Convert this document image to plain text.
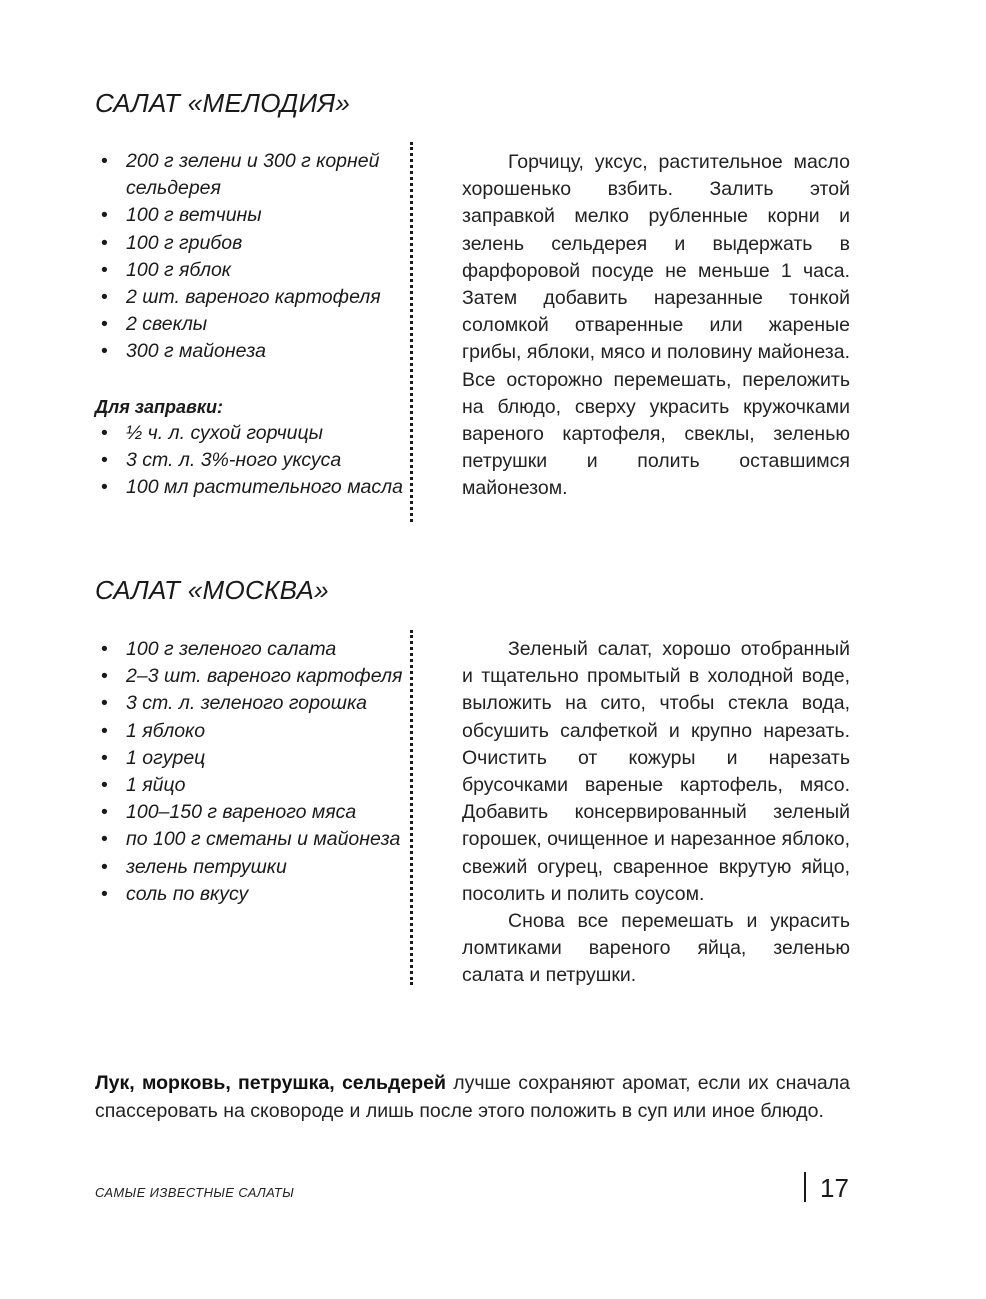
САЛАТ «МЕЛОДИЯ»
• 200 г зелени и 300 г корней сельдерея
• 100 г ветчины
• 100 г грибов
• 100 г яблок
• 2 шт. вареного картофеля
• 2 свеклы
• 300 г майонеза
Для заправки:
• ½ ч. л. сухой горчицы
• 3 ст. л. 3%-ного уксуса
• 100 мл растительного масла

Горчицу, уксус, растительное масло хорошенько взбить. Залить этой заправкой мелко рубленные корни и зелень сельдерея и выдержать в фарфоровой посуде не меньше 1 часа. Затем добавить нарезанные тонкой соломкой отваренные или жареные грибы, яблоки, мясо и половину майонеза. Все осторожно перемешать, переложить на блюдо, сверху украсить кружочками вареного картофеля, свеклы, зеленью петрушки и полить оставшимся майонезом.

САЛАТ «МОСКВА»
• 100 г зеленого салата
• 2–3 шт. вареного картофеля
• 3 ст. л. зеленого горошка
• 1 яблоко
• 1 огурец
• 1 яйцо
• 100–150 г вареного мяса
• по 100 г сметаны и майонеза
• зелень петрушки
• соль по вкусу

Зеленый салат, хорошо отобранный и тщательно промытый в холодной воде, выложить на сито, чтобы стекла вода, обсушить салфеткой и крупно нарезать. Очистить от кожуры и нарезать брусочками вареные картофель, мясо. Добавить консервированный зеленый горошек, очищенное и нарезанное яблоко, свежий огурец, сваренное вкрутую яйцо, посолить и полить соусом.

Снова все перемешать и украсить ломтиками вареного яйца, зеленью салата и петрушки.

Лук, морковь, петрушка, сельдерей лучше сохраняют аромат, если их сначала спассеровать на сковороде и лишь после этого положить в суп или иное блюдо.

САМЫЕ ИЗВЕСТНЫЕ САЛАТЫ	17
